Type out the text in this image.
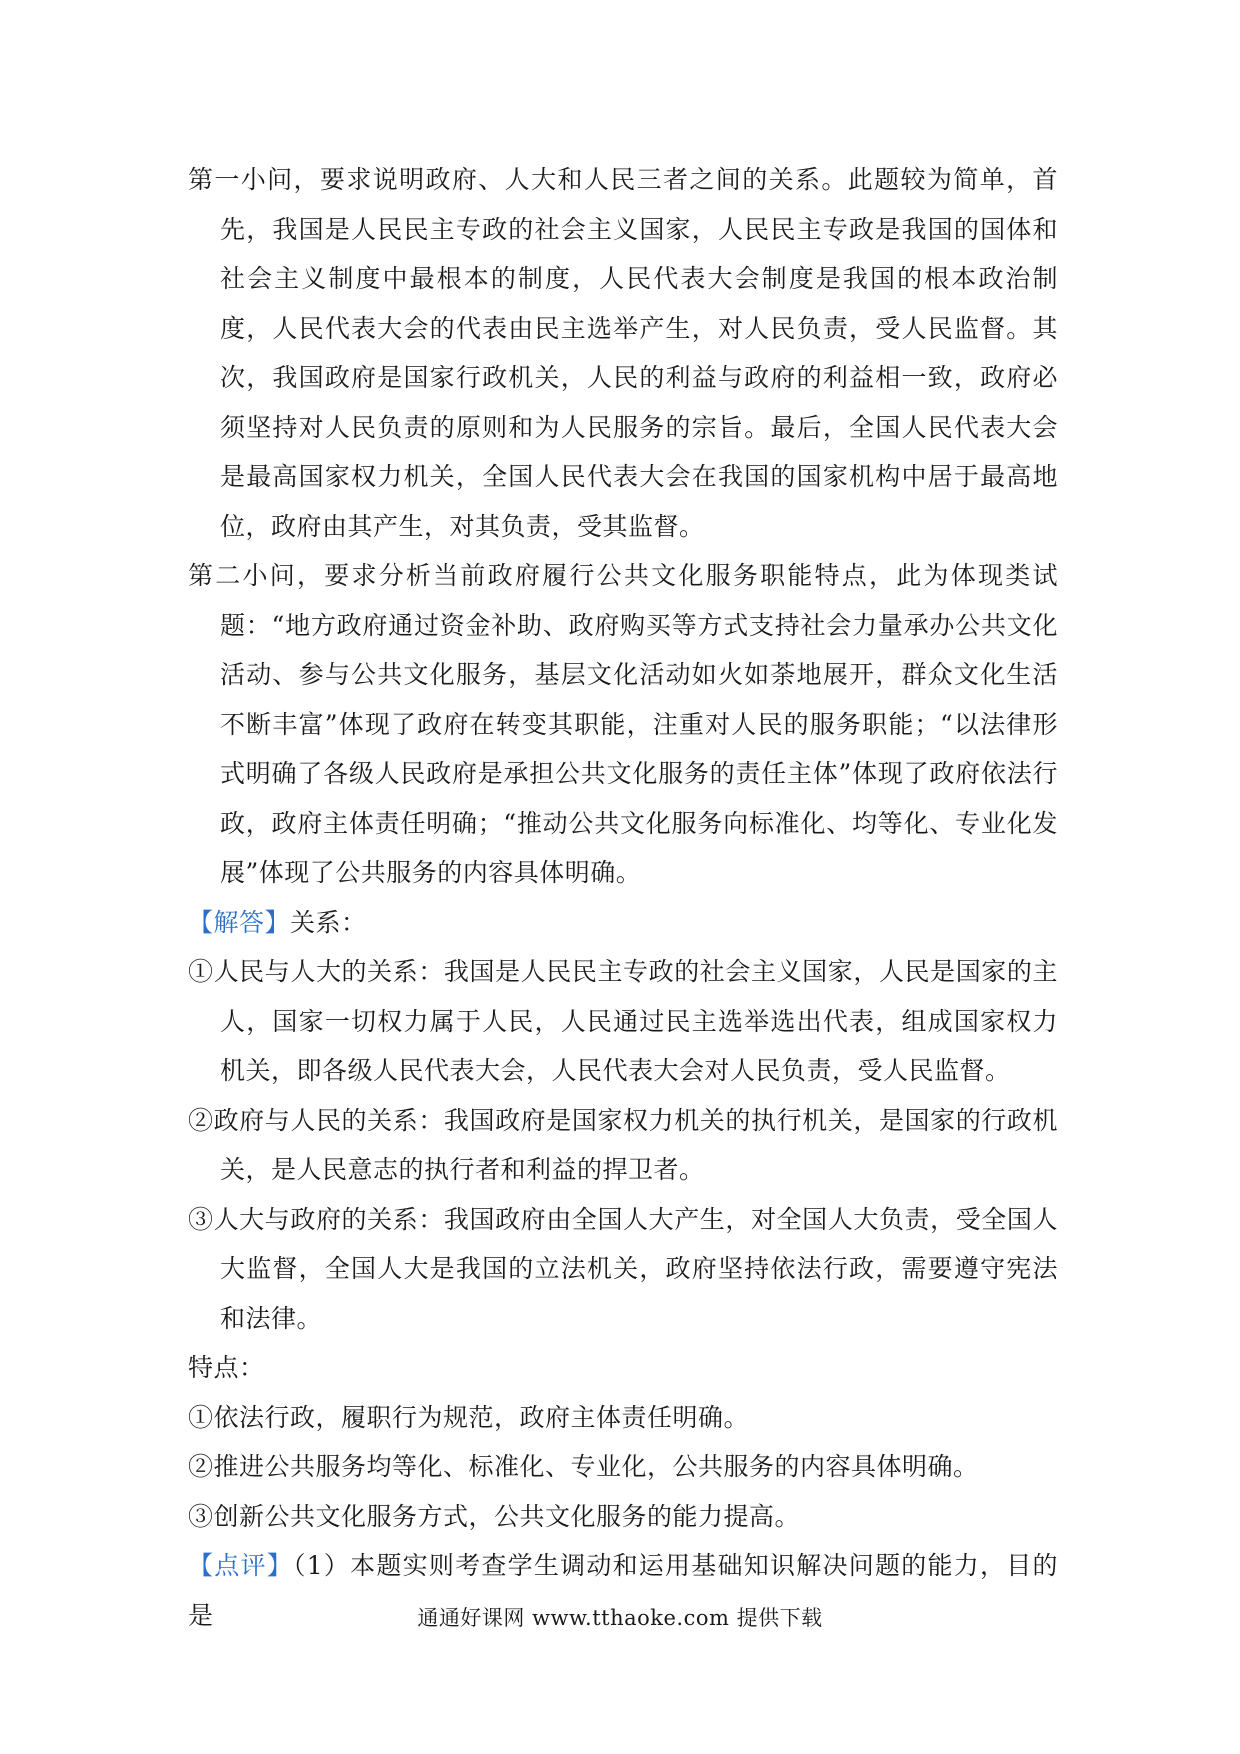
第一小问，要求说明政府、人大和人民三者之间的关系。此题较为简单，首先，我国是人民民主专政的社会主义国家，人民民主专政是我国的国体和社会主义制度中最根本的制度，人民代表大会制度是我国的根本政治制度，人民代表大会的代表由民主选举产生，对人民负责，受人民监督。其次，我国政府是国家行政机关，人民的利益与政府的利益相一致，政府必须坚持对人民负责的原则和为人民服务的宗旨。最后，全国人民代表大会是最高国家权力机关，全国人民代表大会在我国的国家机构中居于最高地位，政府由其产生，对其负责，受其监督。

第二小问，要求分析当前政府履行公共文化服务职能特点，此为体现类试题：“地方政府通过资金补助、政府购买等方式支持社会力量承办公共文化活动、参与公共文化服务，基层文化活动如火如荼地展开，群众文化生活不断丰富”体现了政府在转变其职能，注重对人民的服务职能；“以法律形式明确了各级人民政府是承担公共文化服务的责任主体”体现了政府依法行政，政府主体责任明确；“推动公共文化服务向标准化、均等化、专业化发展”体现了公共服务的内容具体明确。

【解答】关系：

①人民与人大的关系：我国是人民民主专政的社会主义国家，人民是国家的主人，国家一切权力属于人民，人民通过民主选举选出代表，组成国家权力机关，即各级人民代表大会，人民代表大会对人民负责，受人民监督。

②政府与人民的关系：我国政府是国家权力机关的执行机关，是国家的行政机关，是人民意志的执行者和利益的捍卫者。

③人大与政府的关系：我国政府由全国人大产生，对全国人大负责，受全国人大监督，全国人大是我国的立法机关，政府坚持依法行政，需要遵守宪法和法律。

特点：

①依法行政，履职行为规范，政府主体责任明确。

②推进公共服务均等化、标准化、专业化，公共服务的内容具体明确。

③创新公共文化服务方式，公共文化服务的能力提高。

【点评】（1）本题实则考查学生调动和运用基础知识解决问题的能力，目的是	通通好课网 www.tthaoke.com 提供下载
